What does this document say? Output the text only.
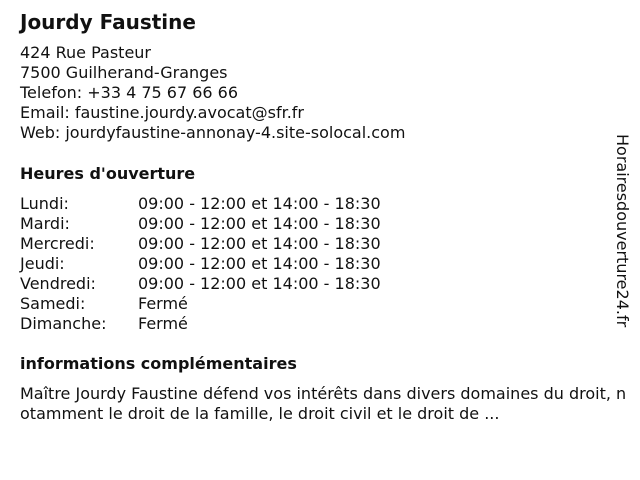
Jourdy Faustine
424 Rue Pasteur
7500 Guilherand-Granges
Telefon: +33 4 75 67 66 66
Email: faustine.jourdy.avocat@sfr.fr
Web: jourdyfaustine-annonay-4.site-solocal.com
Heures d'ouverture
Lundi:	09:00 - 12:00 et 14:00 - 18:30
Mardi:	09:00 - 12:00 et 14:00 - 18:30
Mercredi:	09:00 - 12:00 et 14:00 - 18:30
Jeudi:	09:00 - 12:00 et 14:00 - 18:30
Vendredi:	09:00 - 12:00 et 14:00 - 18:30
Samedi:	Fermé
Dimanche:	Fermé
informations complémentaires

Maître Jourdy Faustine défend vos intérêts dans divers domaines du droit, notamment le droit de la famille, le droit civil et le droit de ...

Horairesdouverture24.fr
